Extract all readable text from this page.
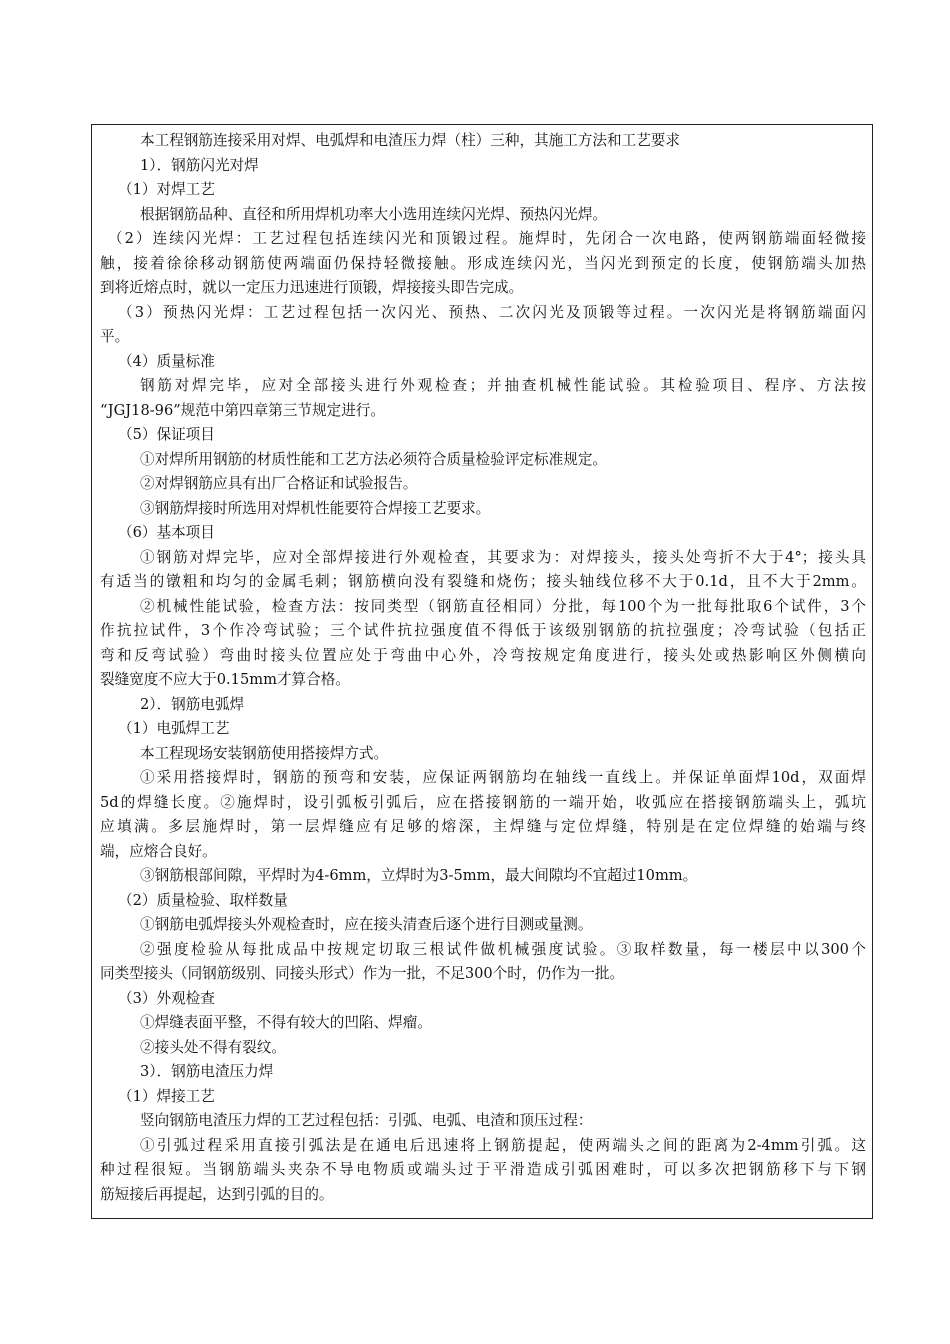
本工程钢筋连接采用对焊、电弧焊和电渣压力焊（柱）三种，其施工方法和工艺要求
1）．钢筋闪光对焊
（1）对焊工艺
根据钢筋品种、直径和所用焊机功率大小选用连续闪光焊、预热闪光焊。
（2）连续闪光焊：工艺过程包括连续闪光和顶锻过程。施焊时，先闭合一次电路，使两钢筋端面轻微接
触，接着徐徐移动钢筋使两端面仍保持轻微接触。形成连续闪光，当闪光到预定的长度，使钢筋端头加热
到将近熔点时，就以一定压力迅速进行顶锻，焊接接头即告完成。
（3）预热闪光焊：工艺过程包括一次闪光、预热、二次闪光及顶锻等过程。一次闪光是将钢筋端面闪
平。
（4）质量标准
钢筋对焊完毕，应对全部接头进行外观检查；并抽查机械性能试验。其检验项目、程序、方法按
“JGJ18-96”规范中第四章第三节规定进行。
（5）保证项目
①对焊所用钢筋的材质性能和工艺方法必须符合质量检验评定标准规定。
②对焊钢筋应具有出厂合格证和试验报告。
③钢筋焊接时所选用对焊机性能要符合焊接工艺要求。
（6）基本项目
①钢筋对焊完毕，应对全部焊接进行外观检查，其要求为：对焊接头，接头处弯折不大于4°；接头具
有适当的镦粗和均匀的金属毛刺；钢筋横向没有裂缝和烧伤；接头轴线位移不大于0.1d，且不大于2mm。
②机械性能试验，检查方法：按同类型（钢筋直径相同）分批，每100个为一批每批取6个试件，3个
作抗拉试件，3个作冷弯试验；三个试件抗拉强度值不得低于该级别钢筋的抗拉强度；冷弯试验（包括正
弯和反弯试验）弯曲时接头位置应处于弯曲中心外，冷弯按规定角度进行，接头处或热影响区外侧横向
裂缝宽度不应大于0.15mm才算合格。
2）．钢筋电弧焊
（1）电弧焊工艺
本工程现场安装钢筋使用搭接焊方式。
①采用搭接焊时，钢筋的预弯和安装，应保证两钢筋均在轴线一直线上。并保证单面焊10d，双面焊
5d的焊缝长度。②施焊时，设引弧板引弧后，应在搭接钢筋的一端开始，收弧应在搭接钢筋端头上，弧坑
应填满。多层施焊时，第一层焊缝应有足够的熔深，主焊缝与定位焊缝，特别是在定位焊缝的始端与终
端，应熔合良好。
③钢筋根部间隙，平焊时为4-6mm，立焊时为3-5mm，最大间隙均不宜超过10mm。
（2）质量检验、取样数量
①钢筋电弧焊接头外观检查时，应在接头清查后逐个进行目测或量测。
②强度检验从每批成品中按规定切取三根试件做机械强度试验。③取样数量，每一楼层中以300个
同类型接头（同钢筋级别、同接头形式）作为一批，不足300个时，仍作为一批。
（3）外观检查
①焊缝表面平整，不得有较大的凹陷、焊瘤。
②接头处不得有裂纹。
3）．钢筋电渣压力焊
（1）焊接工艺
竖向钢筋电渣压力焊的工艺过程包括：引弧、电弧、电渣和顶压过程：
①引弧过程采用直接引弧法是在通电后迅速将上钢筋提起，使两端头之间的距离为2-4mm引弧。这
种过程很短。当钢筋端头夹杂不导电物质或端头过于平滑造成引弧困难时，可以多次把钢筋移下与下钢
筋短接后再提起，达到引弧的目的。
